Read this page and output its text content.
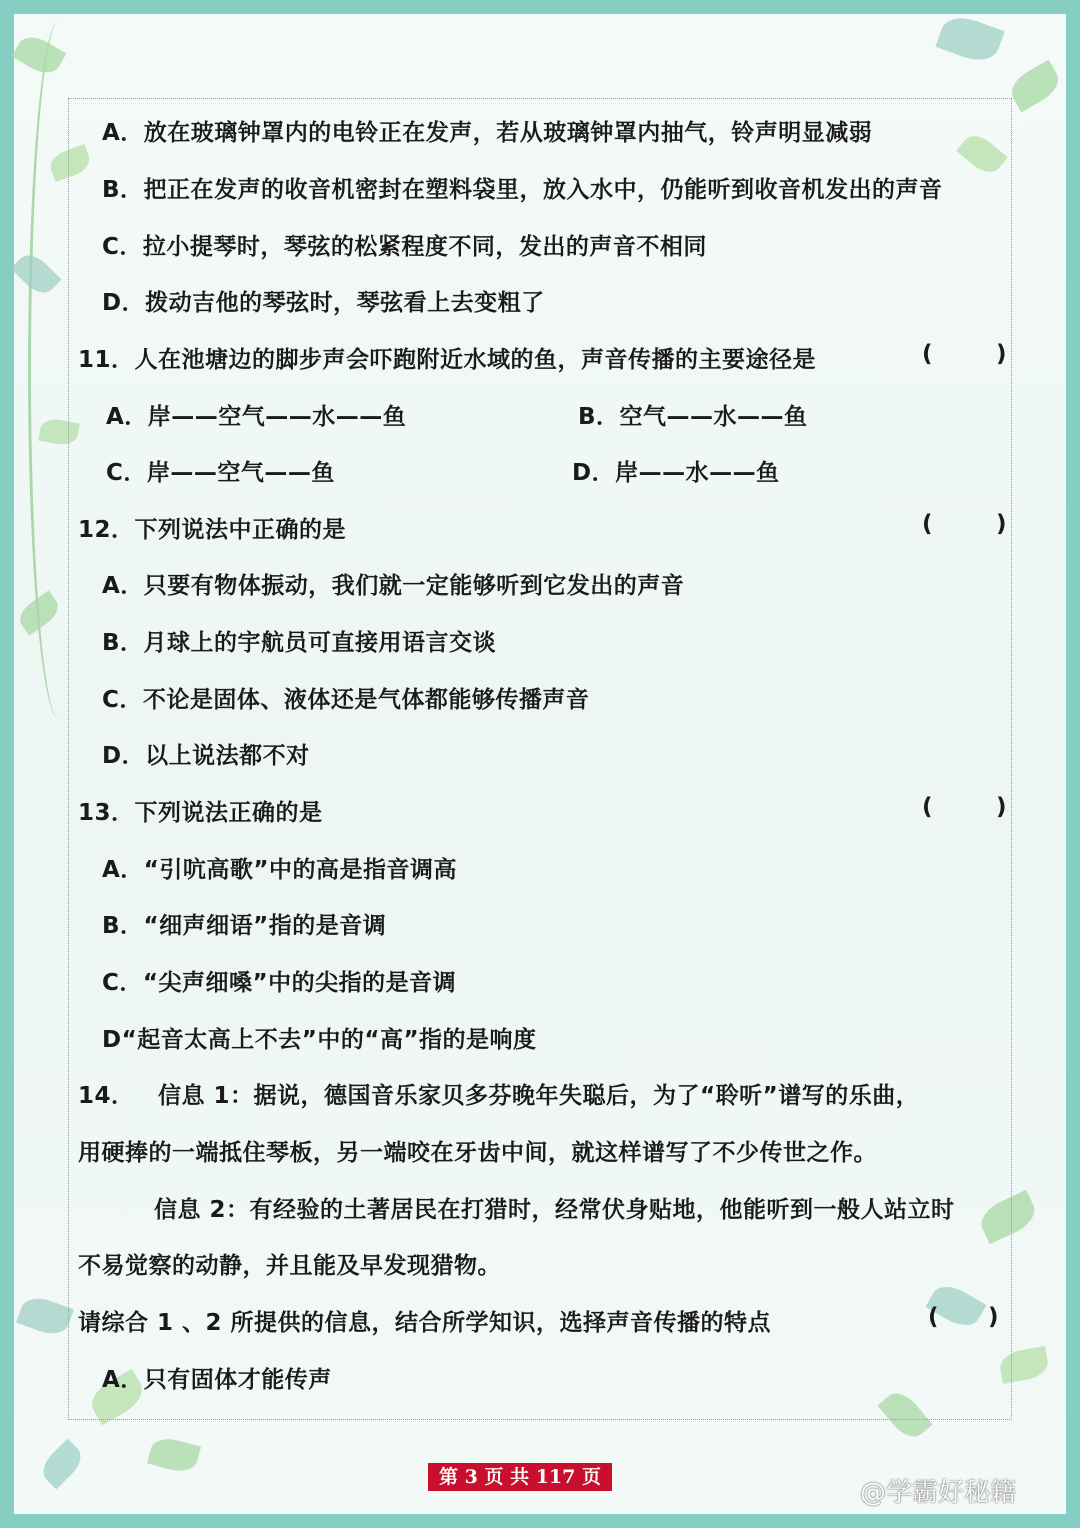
A．放在玻璃钟罩内的电铃正在发声，若从玻璃钟罩内抽气，铃声明显减弱
B．把正在发声的收音机密封在塑料袋里，放入水中，仍能听到收音机发出的声音
C．拉小提琴时，琴弦的松紧程度不同，发出的声音不相同
D．拨动吉他的琴弦时，琴弦看上去变粗了
11．人在池塘边的脚步声会吓跑附近水域的鱼，声音传播的主要途径是	(	)
A．岸——空气——水——鱼	B．空气——水——鱼
C．岸——空气——鱼	D．岸——水——鱼
12．下列说法中正确的是	(	)
A．只要有物体振动，我们就一定能够听到它发出的声音
B．月球上的宇航员可直接用语言交谈
C．不论是固体、液体还是气体都能够传播声音
D．以上说法都不对
13．下列说法正确的是	(	)
A．“引吭高歌”中的高是指音调高
B．“细声细语”指的是音调
C．“尖声细嗓”中的尖指的是音调
D“起音太高上不去”中的“高”指的是响度
14． 信息 1：据说，德国音乐家贝多芬晚年失聪后，为了“聆听”谱写的乐曲，
用硬捧的一端抵住琴板，另一端咬在牙齿中间，就这样谱写了不少传世之作。
信息 2：有经验的土著居民在打猎时，经常伏身贴地，他能听到一般人站立时
不易觉察的动静，并且能及早发现猎物。
请综合 1 、2 所提供的信息，结合所学知识，选择声音传播的特点	( )
A．只有固体才能传声
第 3 页 共 117 页
@学霸好秘籍
